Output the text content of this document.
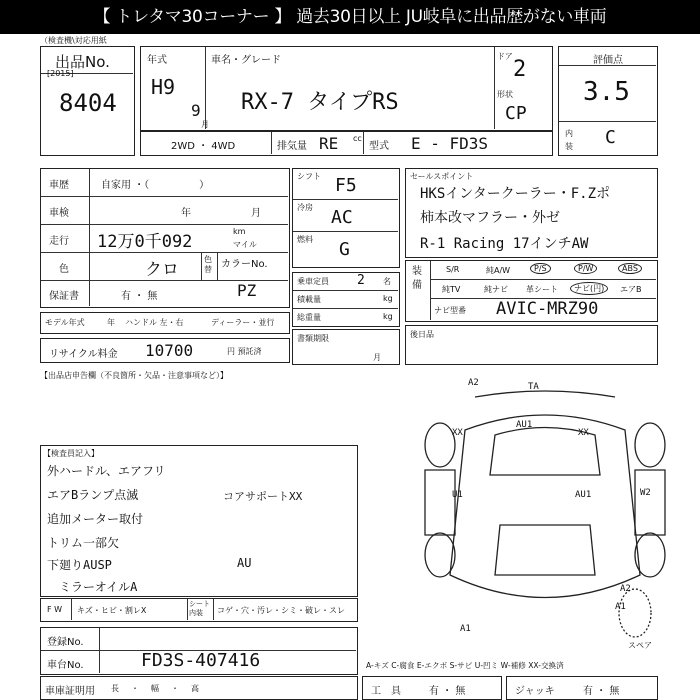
【 トレタマ30コーナー 】 過去30日以上 JU岐阜に出品歴がない車両
（検査機\対応用紙
出品No.
[2015]
8404
年式
H9
9
月
車名・グレード
RX-7 タイプRS
ドア
2
形状
CP
評価点
3.5
内装 C
2WD ・ 4WD	排気量 RE cc
型式 E - FD3S
車歴	自家用 ・（　　　　　）
車検	年	月
走行 12万0千092
km
マイル
色	クロ
色替 カラーNo.
PZ
保証書	有 ・ 無
モデル年式	年 ハンドル 左・右	ディーラー・並行
リサイクル料金 10700	円 預託済
シフト F5
冷房 AC
燃料 G
乗車定員 2 名
積載量	kg
総重量	kg
書類期限
月
セールスポイント
HKSインタークーラー・F.Zポ
柿本改マフラー・外ゼ
R-1 Racing 17インチAW
装備
S/R	純A/W	P/S	P/W	ABS
純TV	純ナビ 革シート	ナビ(円)	エアB
ナビ型番 AVIC-MRZ90
後日品
【出品店申告欄（不良箇所・欠品・注意事項など）】
【検査員記入】
外ハードル、エアフリ
エアBランプ点滅
追加メーター取付
トリム一部欠
下廻りAUSP
ミラーオイルA
コアサポートXX
AU
F W キズ・ヒビ・割レX
シート内装	コゲ・穴・汚レ・シミ・破レ・スレ
登録No.
車台No.	FD3S-407416	A-キズ C-腐食 E-エクボ S-サビ U-凹ミ W-補修 XX-交換済
A2	TA
AU1
XX	XX
U1	AU1	W2
A2
A1
A1
スペア
車庫証明用 長・幅・高	工　具	有 ・ 無	ジャッキ	有 ・ 無
